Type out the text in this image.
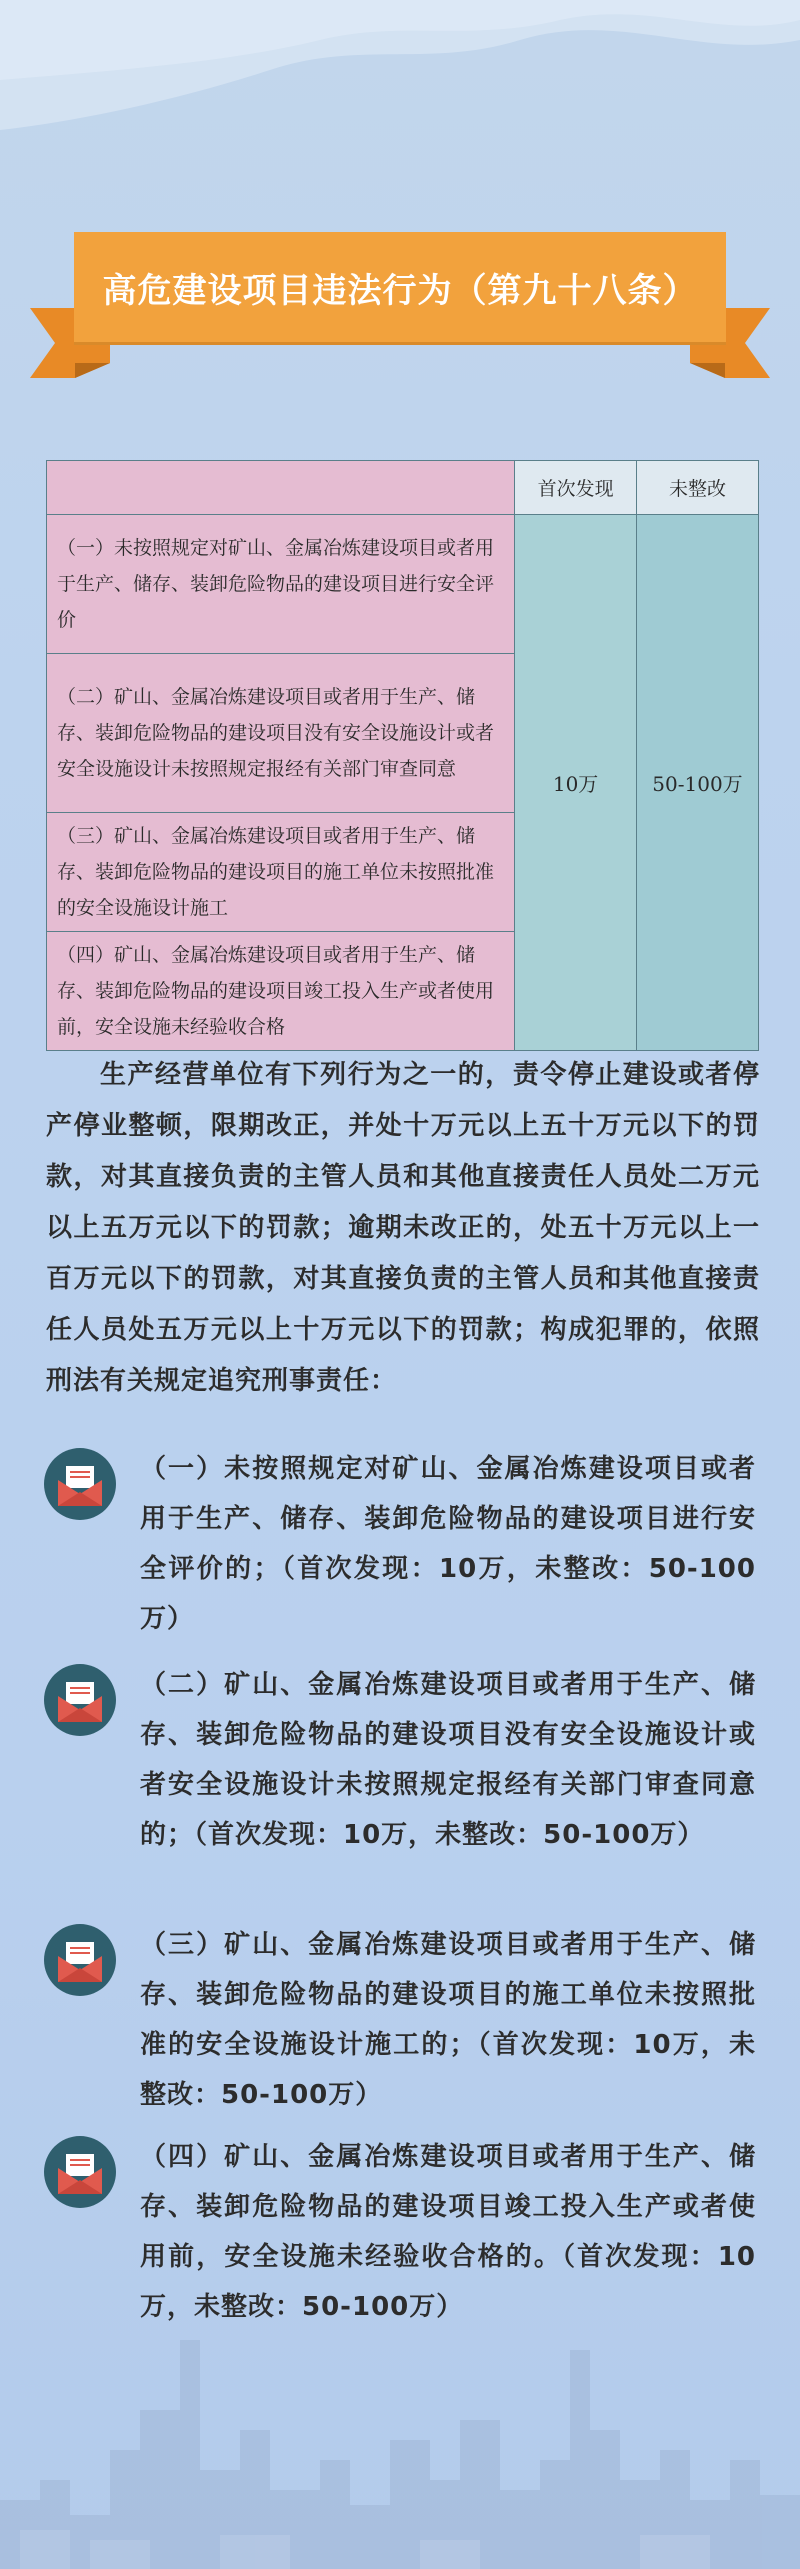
高危建设项目违法行为（第九十八条）
	首次发现	未整改
（一）未按照规定对矿山、金属冶炼建设项目或者用于生产、储存、装卸危险物品的建设项目进行安全评价	10万	50-100万
（二）矿山、金属冶炼建设项目或者用于生产、储存、装卸危险物品的建设项目没有安全设施设计或者安全设施设计未按照规定报经有关部门审查同意		
（三）矿山、金属冶炼建设项目或者用于生产、储存、装卸危险物品的建设项目的施工单位未按照批准的安全设施设计施工		
（四）矿山、金属冶炼建设项目或者用于生产、储存、装卸危险物品的建设项目竣工投入生产或者使用前，安全设施未经验收合格		
生产经营单位有下列行为之一的，责令停止建设或者停产停业整顿，限期改正，并处十万元以上五十万元以下的罚款，对其直接负责的主管人员和其他直接责任人员处二万元以上五万元以下的罚款；逾期未改正的，处五十万元以上一百万元以下的罚款，对其直接负责的主管人员和其他直接责任人员处五万元以上十万元以下的罚款；构成犯罪的，依照刑法有关规定追究刑事责任：
（一）未按照规定对矿山、金属冶炼建设项目或者用于生产、储存、装卸危险物品的建设项目进行安全评价的；（首次发现：10万，未整改：50-100万）
（二）矿山、金属冶炼建设项目或者用于生产、储存、装卸危险物品的建设项目没有安全设施设计或者安全设施设计未按照规定报经有关部门审查同意的；（首次发现：10万，未整改：50-100万）
（三）矿山、金属冶炼建设项目或者用于生产、储存、装卸危险物品的建设项目的施工单位未按照批准的安全设施设计施工的；（首次发现：10万，未整改：50-100万）
（四）矿山、金属冶炼建设项目或者用于生产、储存、装卸危险物品的建设项目竣工投入生产或者使用前，安全设施未经验收合格的。（首次发现：10万，未整改：50-100万）
